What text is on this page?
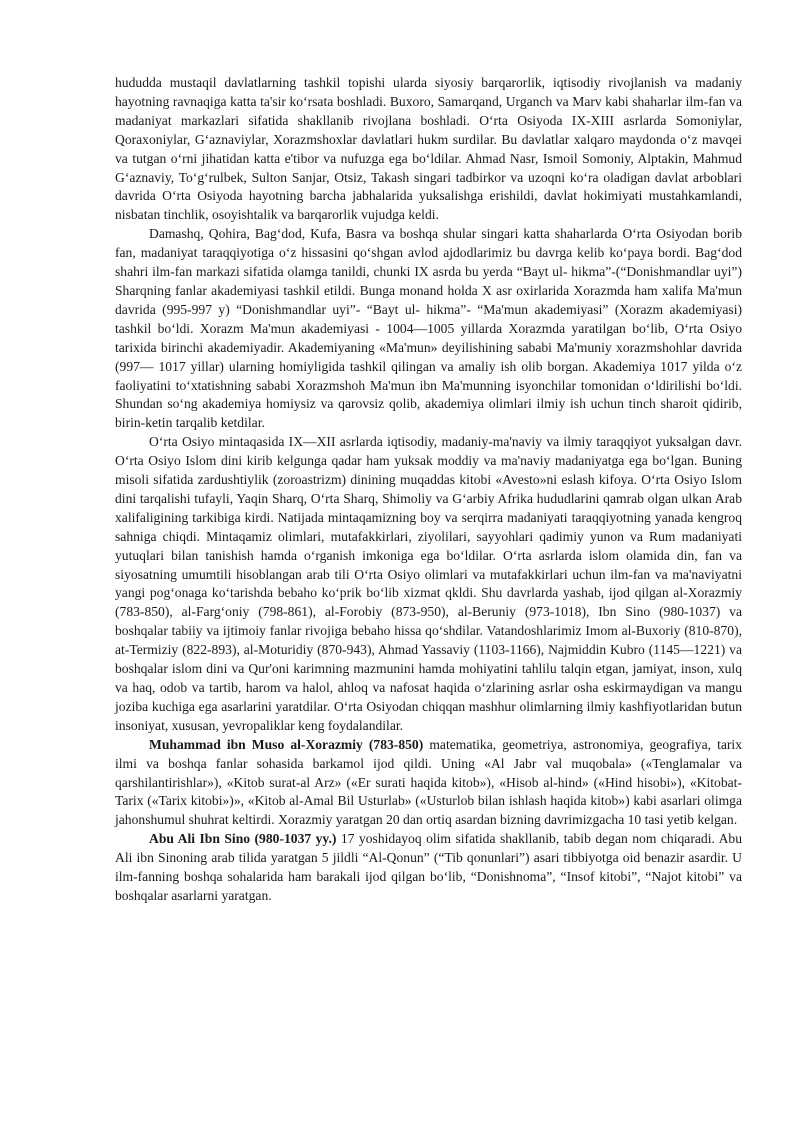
hududda mustaqil davlatlarning tashkil topishi ularda siyosiy barqarorlik, iqtisodiy rivojlanish va madaniy hayotning ravnaqiga katta ta'sir ko‘rsata boshladi. Buxoro, Samarqand, Urganch va Marv kabi shaharlar ilm-fan va madaniyat markazlari sifatida shakllanib rivojlana boshladi. O‘rta Osiyoda IX-XIII asrlarda Somoniylar, Qoraxoniylar, G‘aznaviylar, Xorazmshoxlar davlatlari hukm surdilar. Bu davlatlar xalqaro maydonda o‘z mavqei va tutgan o‘rni jihatidan katta e'tibor va nufuzga ega bo‘ldilar. Ahmad Nasr, Ismoil Somoniy, Alptakin, Mahmud G‘aznaviy, To‘g‘rulbek, Sulton Sanjar, Otsiz, Takash singari tadbirkor va uzoqni ko‘ra oladigan davlat arboblari davrida O‘rta Osiyoda hayotning barcha jabhalarida yuksalishga erishildi, davlat hokimiyati mustahkamlandi, nisbatan tinchlik, osoyishtalik va barqarorlik vujudga keldi.

Damashq, Qohira, Bag‘dod, Kufa, Basra va boshqa shular singari katta shaharlarda O‘rta Osiyodan borib fan, madaniyat taraqqiyotiga o‘z hissasini qo‘shgan avlod ajdodlarimiz bu davrga kelib ko‘paya bordi. Bag‘dod shahri ilm-fan markazi sifatida olamga tanildi, chunki IX asrda bu yerda “Bayt ul- hikma”-(“Donishmandlar uyi”) Sharqning fanlar akademiyasi tashkil etildi. Bunga monand holda X asr oxirlarida Xorazmda ham xalifa Ma'mun davrida (995-997 y) “Donishmandlar uyi”- “Bayt ul- hikma”- “Ma'mun akademiyasi” (Xorazm akademiyasi) tashkil bo‘ldi. Xorazm Ma'mun akademiyasi - 1004—1005 yillarda Xorazmda yaratilgan bo‘lib, O‘rta Osiyo tarixida birinchi akademiyadir. Akademiyaning «Ma'mun» deyilishining sababi Ma'muniy xorazmshohlar davrida (997— 1017 yillar) ularning homiyligida tashkil qilingan va amaliy ish olib borgan. Akademiya 1017 yilda o‘z faoliyatini to‘xtatishning sababi Xorazmshoh Ma'mun ibn Ma'munning isyonchilar tomonidan o‘ldirilishi bo‘ldi. Shundan so‘ng akademiya homiysiz va qarovsiz qolib, akademiya olimlari ilmiy ish uchun tinch sharoit qidirib, birin-ketin tarqalib ketdilar.

O‘rta Osiyo mintaqasida IX—XII asrlarda iqtisodiy, madaniy-ma'naviy va ilmiy taraqqiyot yuksalgan davr. O‘rta Osiyo Islom dini kirib kelgunga qadar ham yuksak moddiy va ma'naviy madaniyatga ega bo‘lgan. Buning misoli sifatida zardushtiylik (zoroastrizm) dinining muqaddas kitobi «Avesto»ni eslash kifoya. O‘rta Osiyo Islom dini tarqalishi tufayli, Yaqin Sharq, O‘rta Sharq, Shimoliy va G‘arbiy Afrika hududlarini qamrab olgan ulkan Arab xalifaligining tarkibiga kirdi. Natijada mintaqamizning boy va serqirra madaniyati taraqqiyotning yanada kengroq sahniga chiqdi. Mintaqamiz olimlari, mutafakkirlari, ziyolilari, sayyohlari qadimiy yunon va Rum madaniyati yutuqlari bilan tanishish hamda o‘rganish imkoniga ega bo‘ldilar. O‘rta asrlarda islom olamida din, fan va siyosatning umumtili hisoblangan arab tili O‘rta Osiyo olimlari va mutafakkirlari uchun ilm-fan va ma'naviyatni yangi pog‘onaga ko‘tarishda bebaho ko‘prik bo‘lib xizmat qkldi. Shu davrlarda yashab, ijod qilgan al-Xorazmiy (783-850), al-Farg‘oniy (798-861), al-Forobiy (873-950), al-Beruniy (973-1018), Ibn Sino (980-1037) va boshqalar tabiiy va ijtimoiy fanlar rivojiga bebaho hissa qo‘shdilar. Vatandoshlarimiz Imom al-Buxoriy (810-870), at-Termiziy (822-893), al-Moturidiy (870-943), Ahmad Yassaviy (1103-1166), Najmiddin Kubro (1145—1221) va boshqalar islom dini va Qur'oni karimning mazmunini hamda mohiyatini tahlilu talqin etgan, jamiyat, inson, xulq va haq, odob va tartib, harom va halol, ahloq va nafosat haqida o‘zlarining asrlar osha eskirmaydigan va mangu joziba kuchiga ega asarlarini yaratdilar. O‘rta Osiyodan chiqqan mashhur olimlarning ilmiy kashfiyotlaridan butun insoniyat, xususan, yevropaliklar keng foydalandilar.

Muhammad ibn Muso al-Xorazmiy (783-850) matematika, geometriya, astronomiya, geografiya, tarix ilmi va boshqa fanlar sohasida barkamol ijod qildi. Uning «Al Jabr val muqobala» («Tenglamalar va qarshilantirishlar»), «Kitob surat-al Arz» («Er surati haqida kitob»), «Hisob al-hind» («Hind hisobi»), «Kitobat-Tarix («Tarix kitobi»)», «Kitob al-Amal Bil Usturlab» («Usturlob bilan ishlash haqida kitob») kabi asarlari olimga jahonshumul shuhrat keltirdi. Xorazmiy yaratgan 20 dan ortiq asardan bizning davrimizgacha 10 tasi yetib kelgan.

Abu Ali Ibn Sino (980-1037 yy.) 17 yoshidayoq olim sifatida shakllanib, tabib degan nom chiqaradi. Abu Ali ibn Sinoning arab tilida yaratgan 5 jildli “Al-Qonun” (“Tib qonunlari”) asari tibbiyotga oid benazir asardir. U ilm-fanning boshqa sohalarida ham barakali ijod qilgan bo‘lib, “Donishnoma”, “Insof kitobi”, “Najot kitobi” va boshqalar asarlarni yaratgan.
